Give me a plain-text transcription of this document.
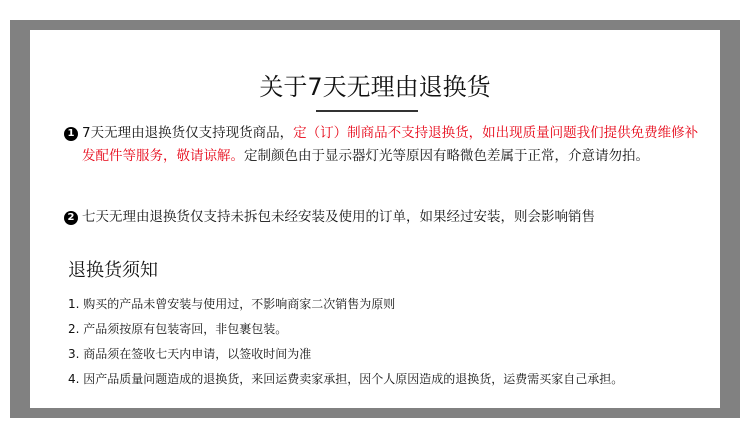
关于7天无理由退换货
1 7天无理由退换货仅支持现货商品，定（订）制商品不支持退换货，如出现质量问题我们提供免费维修补发配件等服务，敬请谅解。定制颜色由于显示器灯光等原因有略微色差属于正常，介意请勿拍。
2 七天无理由退换货仅支持未拆包未经安装及使用的订单，如果经过安装，则会影响销售
退换货须知
1. 购买的产品未曾安装与使用过，不影响商家二次销售为原则
2. 产品须按原有包装寄回，非包裹包装。
3. 商品须在签收七天内申请，以签收时间为准
4. 因产品质量问题造成的退换货，来回运费卖家承担，因个人原因造成的退换货，运费需买家自己承担。
